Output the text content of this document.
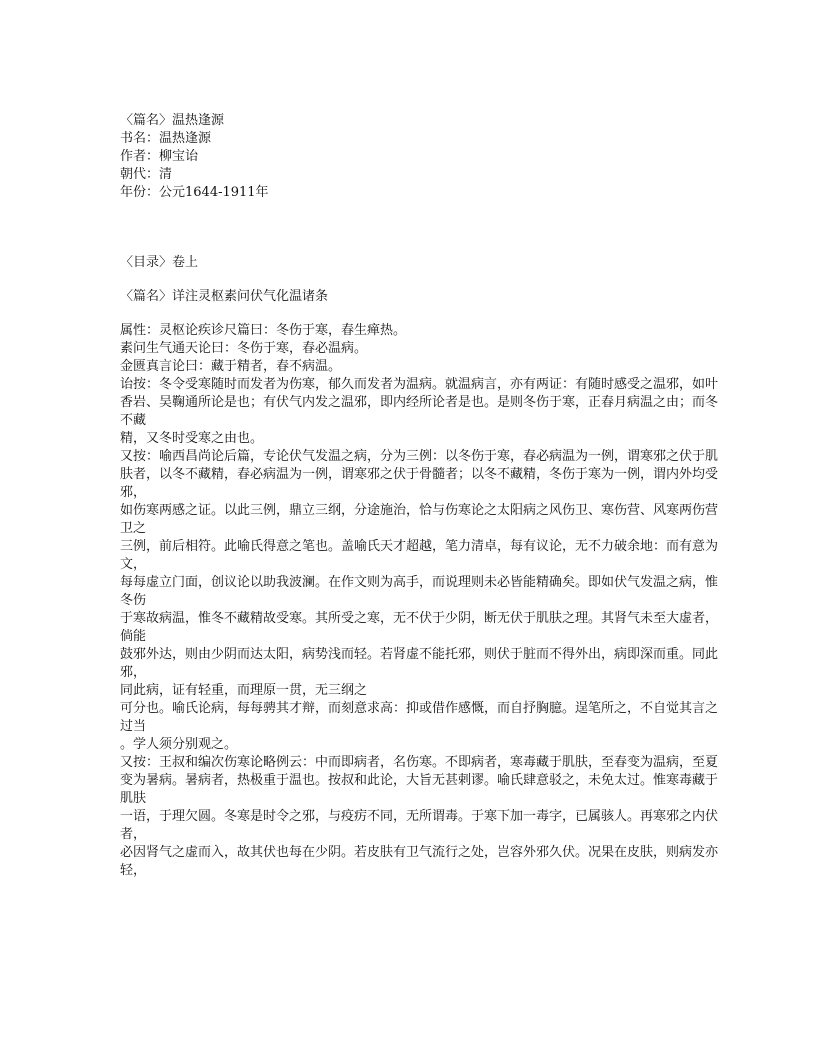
〈篇名〉温热逢源

书名：温热逢源

作者：柳宝诒

朝代：清

年份：公元1644-1911年

〈目录〉卷上

〈篇名〉详注灵枢素问伏气化温诸条

属性：灵枢论疾诊尺篇曰：冬伤于寒，春生瘅热。

素问生气通天论曰：冬伤于寒，春必温病。

金匮真言论曰：藏于精者，春不病温。

诒按：冬令受寒随时而发者为伤寒，郁久而发者为温病。就温病言，亦有两证：有随时感受之温邪，如叶

香岩、吴鞠通所论是也；有伏气内发之温邪，即内经所论者是也。是则冬伤于寒，正春月病温之由；而冬不藏

精，又冬时受寒之由也。

又按：喻西昌尚论后篇，专论伏气发温之病，分为三例：以冬伤于寒，春必病温为一例，谓寒邪之伏于肌

肤者，以冬不藏精，春必病温为一例，谓寒邪之伏于骨髓者；以冬不藏精，冬伤于寒为一例，谓内外均受邪，

如伤寒两感之证。以此三例，鼎立三纲，分途施治，恰与伤寒论之太阳病之风伤卫、寒伤营、风寒两伤营卫之

三例，前后相符。此喻氏得意之笔也。盖喻氏天才超越，笔力清卓，每有议论，无不力破余地：而有意为文，

每每虚立门面，创议论以助我波澜。在作文则为高手，而说理则未必皆能精确矣。即如伏气发温之病，惟冬伤

于寒故病温，惟冬不藏精故受寒。其所受之寒，无不伏于少阴，断无伏于肌肤之理。其肾气未至大虚者，倘能

鼓邪外达，则由少阴而达太阳，病势浅而轻。若肾虚不能托邪，则伏于脏而不得外出，病即深而重。同此邪，

同此病，证有轻重，而理原一贯，无三纲之

可分也。喻氏论病，每每骋其才辩，而刻意求高：抑或借作感慨，而自抒胸臆。逞笔所之，不自觉其言之过当

。学人须分别观之。

又按：王叔和编次伤寒论略例云：中而即病者，名伤寒。不即病者，寒毒藏于肌肤，至春变为温病，至夏

变为暑病。暑病者，热极重于温也。按叔和此论，大旨无甚剌谬。喻氏肆意驳之，未免太过。惟寒毒藏于肌肤

一语，于理欠圆。冬寒是时令之邪，与疫疠不同，无所谓毒。于寒下加一毒字，已属骇人。再寒邪之内伏者，

必因肾气之虚而入，故其伏也每在少阴。若皮肤有卫气流行之处，岂容外邪久伏。况果在皮肤，则病发亦轻，
